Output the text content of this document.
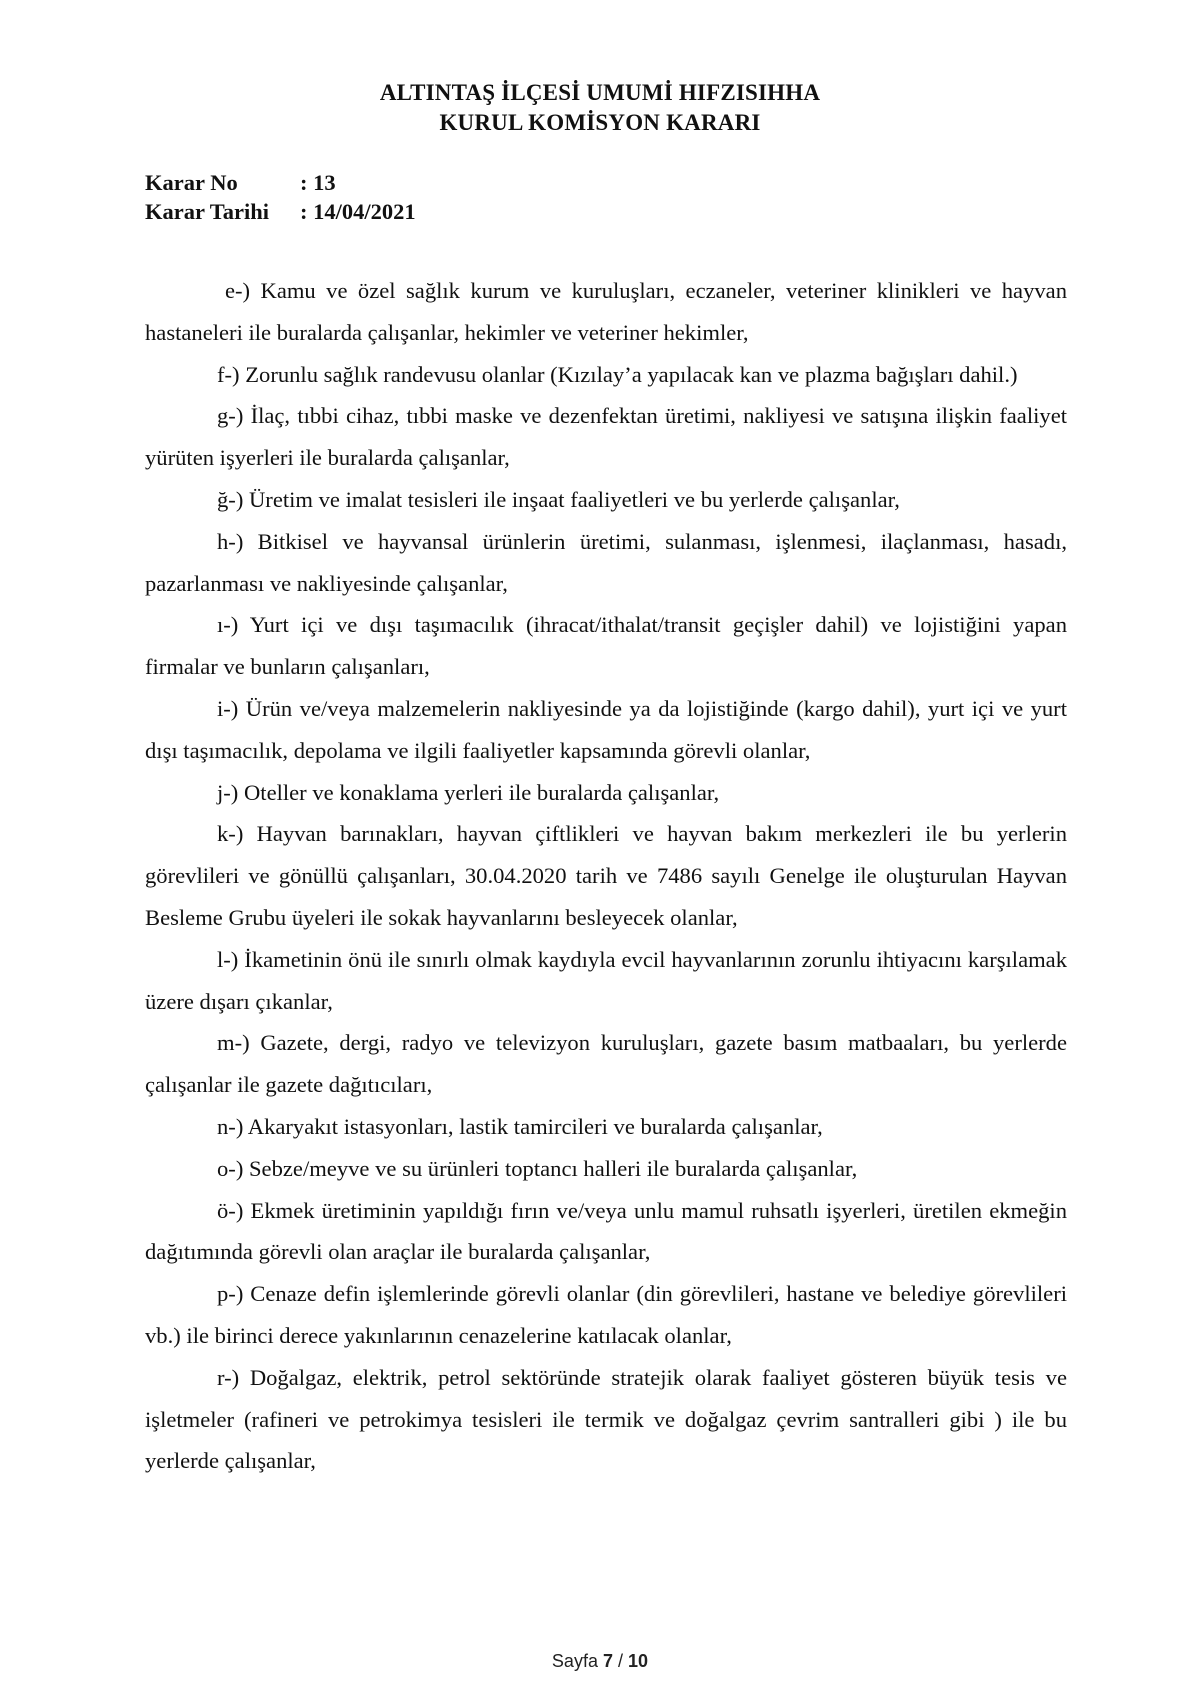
ALTINTAŞ İLÇESİ UMUMİ HIFZISIHHA
KURUL KOMİSYON KARARI
Karar No	: 13
Karar Tarihi : 14/04/2021

e-) Kamu ve özel sağlık kurum ve kuruluşları, eczaneler, veteriner klinikleri ve hayvan hastaneleri ile buralarda çalışanlar, hekimler ve veteriner hekimler,

f-) Zorunlu sağlık randevusu olanlar (Kızılay’a yapılacak kan ve plazma bağışları dahil.)

g-) İlaç, tıbbi cihaz, tıbbi maske ve dezenfektan üretimi, nakliyesi ve satışına ilişkin faaliyet yürüten işyerleri ile buralarda çalışanlar,

ğ-) Üretim ve imalat tesisleri ile inşaat faaliyetleri ve bu yerlerde çalışanlar,

h-) Bitkisel ve hayvansal ürünlerin üretimi, sulanması, işlenmesi, ilaçlanması, hasadı, pazarlanması ve nakliyesinde çalışanlar,

ı-) Yurt içi ve dışı taşımacılık (ihracat/ithalat/transit geçişler dahil) ve lojistiğini yapan firmalar ve bunların çalışanları,

i-) Ürün ve/veya malzemelerin nakliyesinde ya da lojistiğinde (kargo dahil), yurt içi ve yurt dışı taşımacılık, depolama ve ilgili faaliyetler kapsamında görevli olanlar,

j-) Oteller ve konaklama yerleri ile buralarda çalışanlar,

k-) Hayvan barınakları, hayvan çiftlikleri ve hayvan bakım merkezleri ile bu yerlerin görevlileri ve gönüllü çalışanları, 30.04.2020 tarih ve 7486 sayılı Genelge ile oluşturulan Hayvan Besleme Grubu üyeleri ile sokak hayvanlarını besleyecek olanlar,

l-) İkametinin önü ile sınırlı olmak kaydıyla evcil hayvanlarının zorunlu ihtiyacını karşılamak üzere dışarı çıkanlar,

m-) Gazete, dergi, radyo ve televizyon kuruluşları, gazete basım matbaaları, bu yerlerde çalışanlar ile gazete dağıtıcıları,

n-) Akaryakıt istasyonları, lastik tamircileri ve buralarda çalışanlar,

o-) Sebze/meyve ve su ürünleri toptancı halleri ile buralarda çalışanlar,

ö-) Ekmek üretiminin yapıldığı fırın ve/veya unlu mamul ruhsatlı işyerleri, üretilen ekmeğin dağıtımında görevli olan araçlar ile buralarda çalışanlar,

p-) Cenaze defin işlemlerinde görevli olanlar (din görevlileri, hastane ve belediye görevlileri vb.) ile birinci derece yakınlarının cenazelerine katılacak olanlar,

r-) Doğalgaz, elektrik, petrol sektöründe stratejik olarak faaliyet gösteren büyük tesis ve işletmeler (rafineri ve petrokimya tesisleri ile termik ve doğalgaz çevrim santralleri gibi ) ile bu yerlerde çalışanlar,

Sayfa 7 / 10
